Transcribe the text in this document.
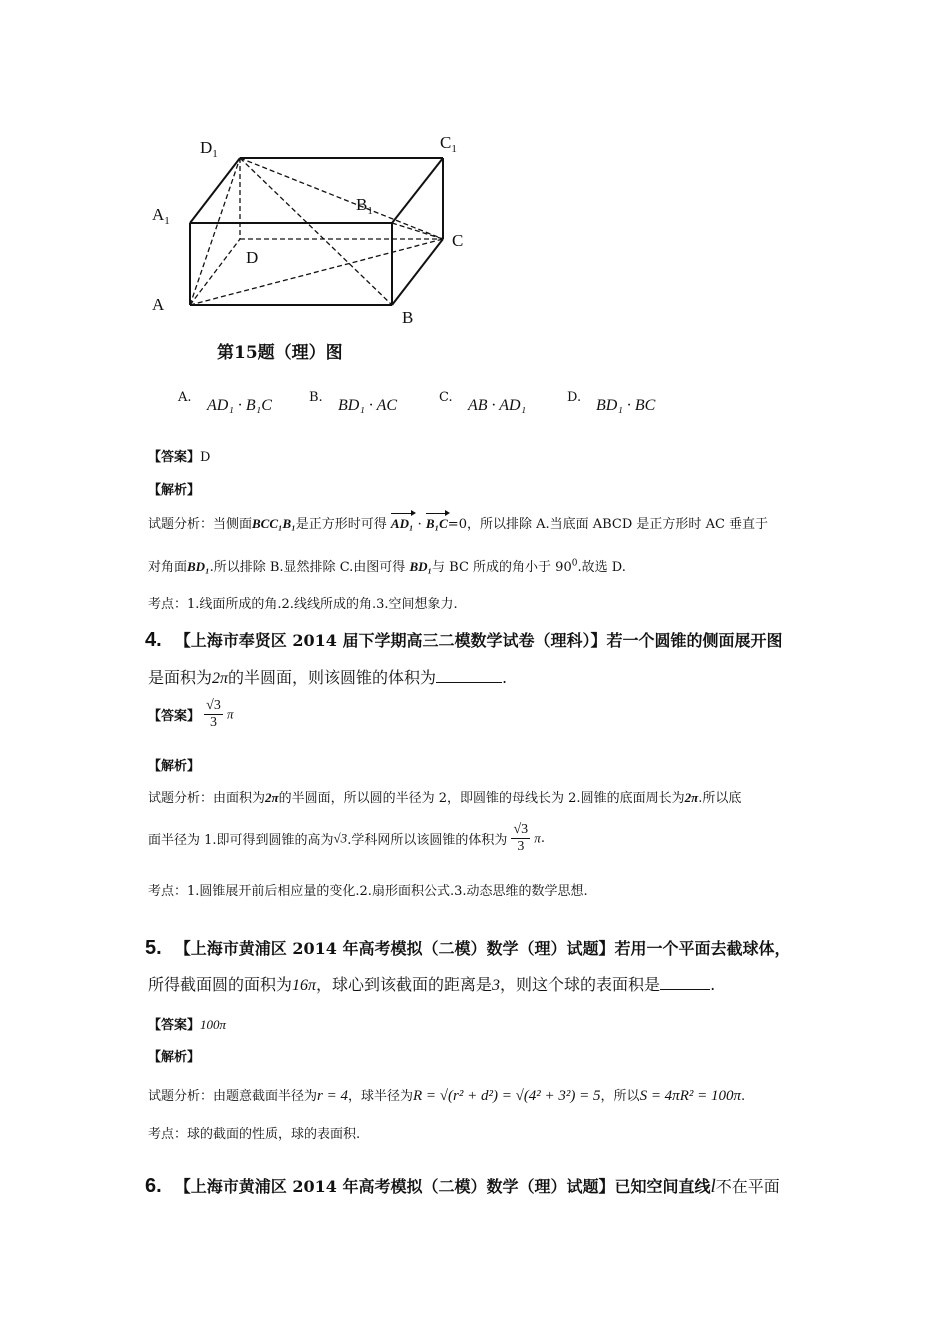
$D_1$
$C_1$
$A_1$
$B_1$
C
D
A
B
第15题（理）图
A. AD₁ · B₁C	B. BD₁ · AC	C. AB · AD₁	D. BD₁ · BC
【答案】D
【解析】
试题分析：当侧面BCC₁B₁是正方形时可得 AD₁ · B₁C=0，所以排除 A.当底面 ABCD 是正方形时 AC 垂直于
对角面BD₁.所以排除 B.显然排除 C.由图可得 BD₁与 BC 所成的角小于 $90^0$.故选 D.
考点：1.线面所成的角.2.线线所成的角.3.空间想象力.
4. 【上海市奉贤区 2014 届下学期高三二模数学试卷（理科）】若一个圆锥的侧面展开图
是面积为2π的半圆面，则该圆锥的体积为	.
【答案】 $\frac{√3}{3}$ π
【解析】
试题分析：由面积为2π的半圆面，所以圆的半径为 2，即圆锥的母线长为 2.圆锥的底面周长为2π.所以底
面半径为 1.即可得到圆锥的高为√3.学科网所以该圆锥的体积为 $\frac{√3}{3} \pi$.
考点：1.圆锥展开前后相应量的变化.2.扇形面积公式.3.动态思维的数学思想.
5. 【上海市黄浦区 2014 年高考模拟（二模）数学（理）试题】若用一个平面去截球体，
所得截面圆的面积为16π，球心到该截面的距离是3，则这个球的表面积是	.
【答案】100π
【解析】
试题分析：由题意截面半径为r = 4，球半径为R = √(r² + d²) = √(4² + 3²) = 5，所以S = 4πR² = 100π.
考点：球的截面的性质，球的表面积.
6. 【上海市黄浦区 2014 年高考模拟（二模）数学（理）试题】已知空间直线l不在平面
